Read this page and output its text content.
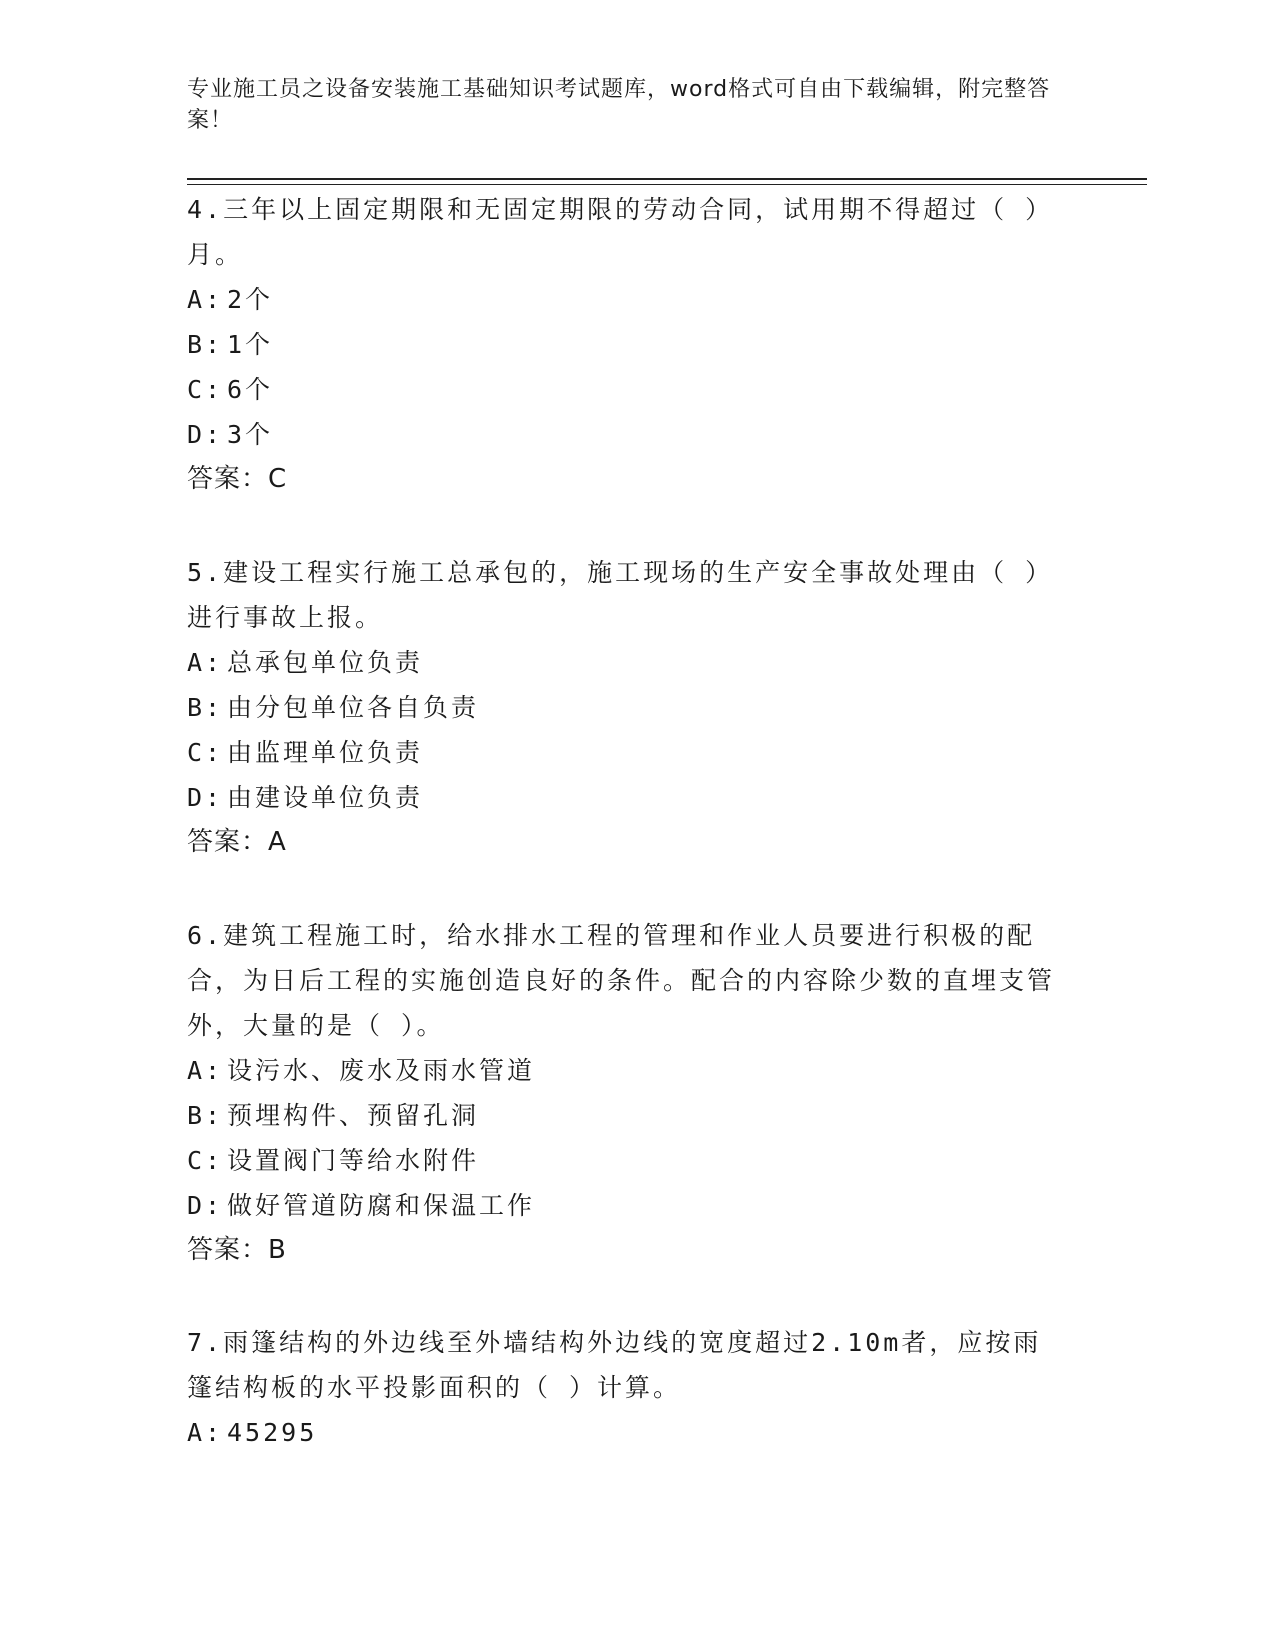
专业施工员之设备安装施工基础知识考试题库，word格式可自由下载编辑，附完整答案！

4.三年以上固定期限和无固定期限的劳动合同，试用期不得超过（ ）月。

A: 2个

B: 1个

C: 6个

D: 3个

答案：C

5.建设工程实行施工总承包的，施工现场的生产安全事故处理由（ ）进行事故上报。

A: 总承包单位负责

B: 由分包单位各自负责

C: 由监理单位负责

D: 由建设单位负责

答案：A

6.建筑工程施工时，给水排水工程的管理和作业人员要进行积极的配合，为日后工程的实施创造良好的条件。配合的内容除少数的直埋支管外，大量的是（ ）。

A: 设污水、废水及雨水管道

B: 预埋构件、预留孔洞

C: 设置阀门等给水附件

D: 做好管道防腐和保温工作

答案：B

7.雨篷结构的外边线至外墙结构外边线的宽度超过2.10m者，应按雨篷结构板的水平投影面积的（ ）计算。

A: 45295
